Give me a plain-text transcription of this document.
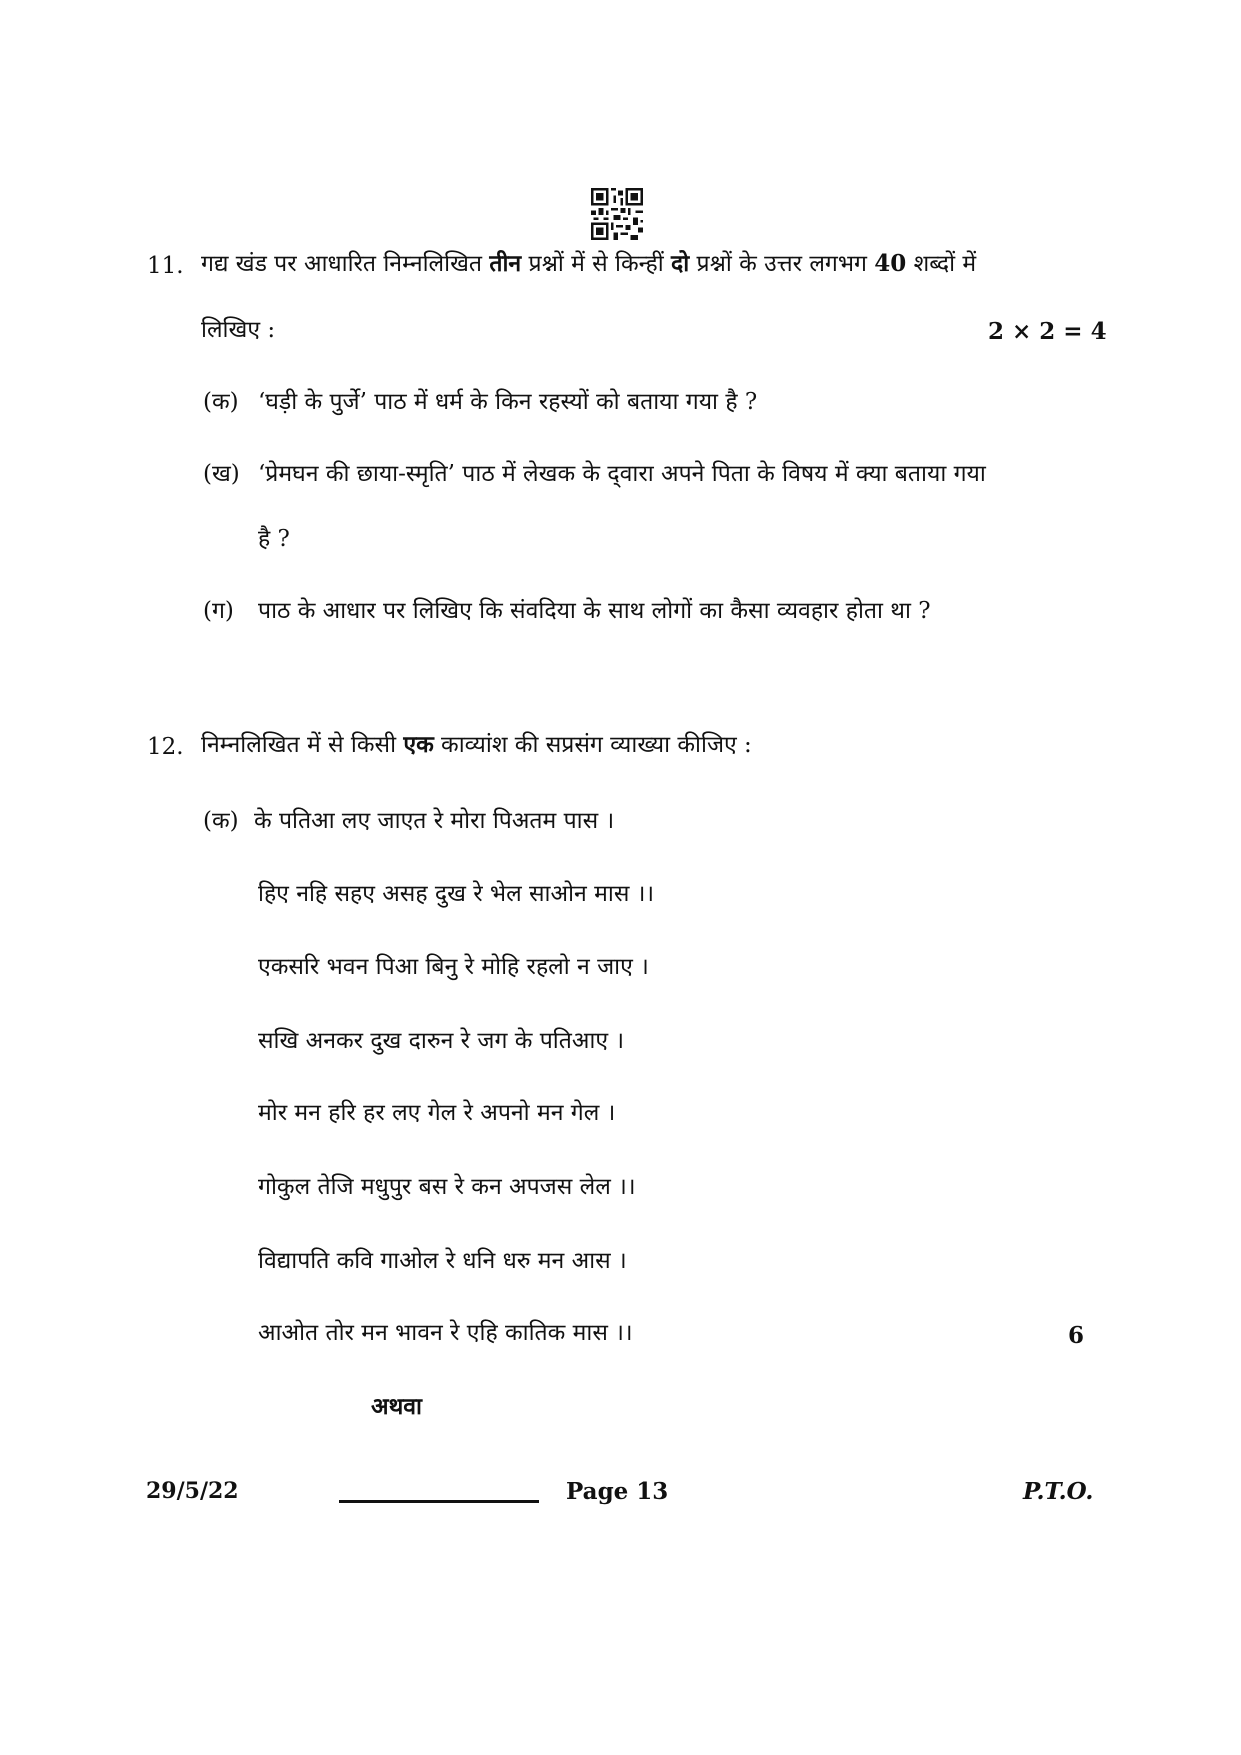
11. गद्य खंड पर आधारित निम्नलिखित तीन प्रश्नों में से किन्हीं दो प्रश्नों के उत्तर लगभग 40 शब्दों में
लिखिए :	2 × 2 = 4
(क) ‘घड़ी के पुर्जे’ पाठ में धर्म के किन रहस्यों को बताया गया है ?
(ख) ‘प्रेमघन की छाया-स्मृति’ पाठ में लेखक के द्‌वारा अपने पिता के विषय में क्या बताया गया
है ?
(ग) पाठ के आधार पर लिखिए कि संवदिया के साथ लोगों का कैसा व्यवहार होता था ?
12. निम्नलिखित में से किसी एक काव्यांश की सप्रसंग व्याख्या कीजिए :
(क) के पतिआ लए जाएत रे मोरा पिअतम पास ।
हिए नहि सहए असह दुख रे भेल साओन मास ।।
एकसरि भवन पिआ बिनु रे मोहि रहलो न जाए ।
सखि अनकर दुख दारुन रे जग के पतिआए ।
मोर मन हरि हर लए गेल रे अपनो मन गेल ।
गोकुल तेजि मधुपुर बस रे कन अपजस लेल ।।
विद्यापति कवि गाओल रे धनि धरु मन आस ।
आओत तोर मन भावन रे एहि कातिक मास ।।	6
अथवा
29/5/22	Page 13	P.T.O.
